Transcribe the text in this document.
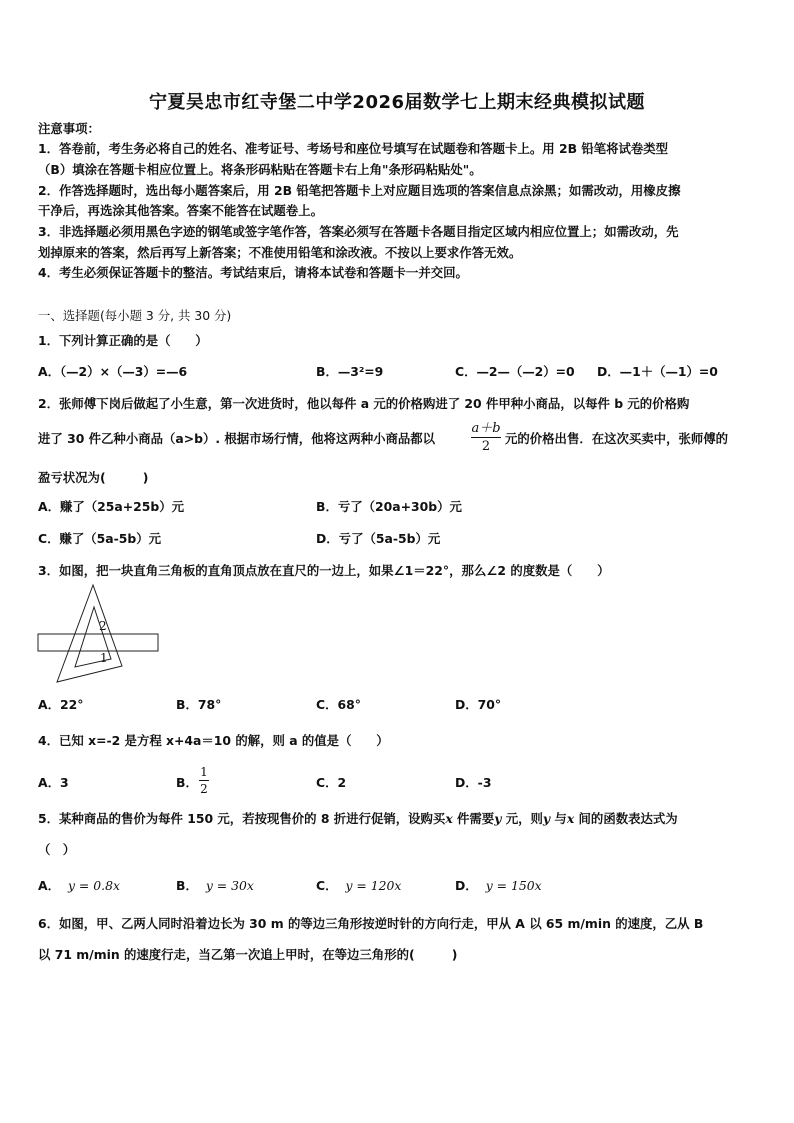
宁夏吴忠市红寺堡二中学2026届数学七上期末经典模拟试题
注意事项：
1．答卷前，考生务必将自己的姓名、准考证号、考场号和座位号填写在试题卷和答题卡上。用 2B 铅笔将试卷类型
（B）填涂在答题卡相应位置上。将条形码粘贴在答题卡右上角"条形码粘贴处"。
2．作答选择题时，选出每小题答案后，用 2B 铅笔把答题卡上对应题目选项的答案信息点涂黑；如需改动，用橡皮擦
干净后，再选涂其他答案。答案不能答在试题卷上。
3．非选择题必须用黑色字迹的钢笔或签字笔作答，答案必须写在答题卡各题目指定区域内相应位置上；如需改动，先
划掉原来的答案，然后再写上新答案；不准使用铅笔和涂改液。不按以上要求作答无效。
4．考生必须保证答题卡的整洁。考试结束后，请将本试卷和答题卡一并交回。
一、选择题(每小题 3 分, 共 30 分)
1．下列计算正确的是（　　）
A．（—2）×（—3）=—6	B．—3²=9	C．—2—（—2）=0 D．—1＋（—1）=0
2．张师傅下岗后做起了小生意，第一次进货时，他以每件 a 元的价格购进了 20 件甲种小商品，以每件 b 元的价格购
进了 30 件乙种小商品（a>b）. 根据市场行情，他将这两种小商品都以
a＋b
2
元的价格出售．在这次买卖中，张师傅的
盈亏状况为(　　　)
A．赚了（25a+25b）元	B．亏了（20a+30b）元
C．赚了（5a-5b）元	D．亏了（5a-5b）元
3．如图，把一块直角三角板的直角顶点放在直尺的一边上，如果∠1＝22°，那么∠2 的度数是（　　）
2
1
A．22°	B．78°	C．68°	D．70°
4．已知 x=-2 是方程 x+4a＝10 的解，则 a 的值是（　　）
A．3	B．
1
2	C．2	D．-3
5．某种商品的售价为每件 150 元，若按现售价的 8 折进行促销，设购买x 件需要y 元，则y 与x 间的函数表达式为
（　）
A． y = 0.8x	B． y = 30x	C． y = 120x	D． y = 150x
6．如图，甲、乙两人同时沿着边长为 30 m 的等边三角形按逆时针的方向行走，甲从 A 以 65 m/min 的速度，乙从 B
以 71 m/min 的速度行走，当乙第一次追上甲时，在等边三角形的(　　　)
